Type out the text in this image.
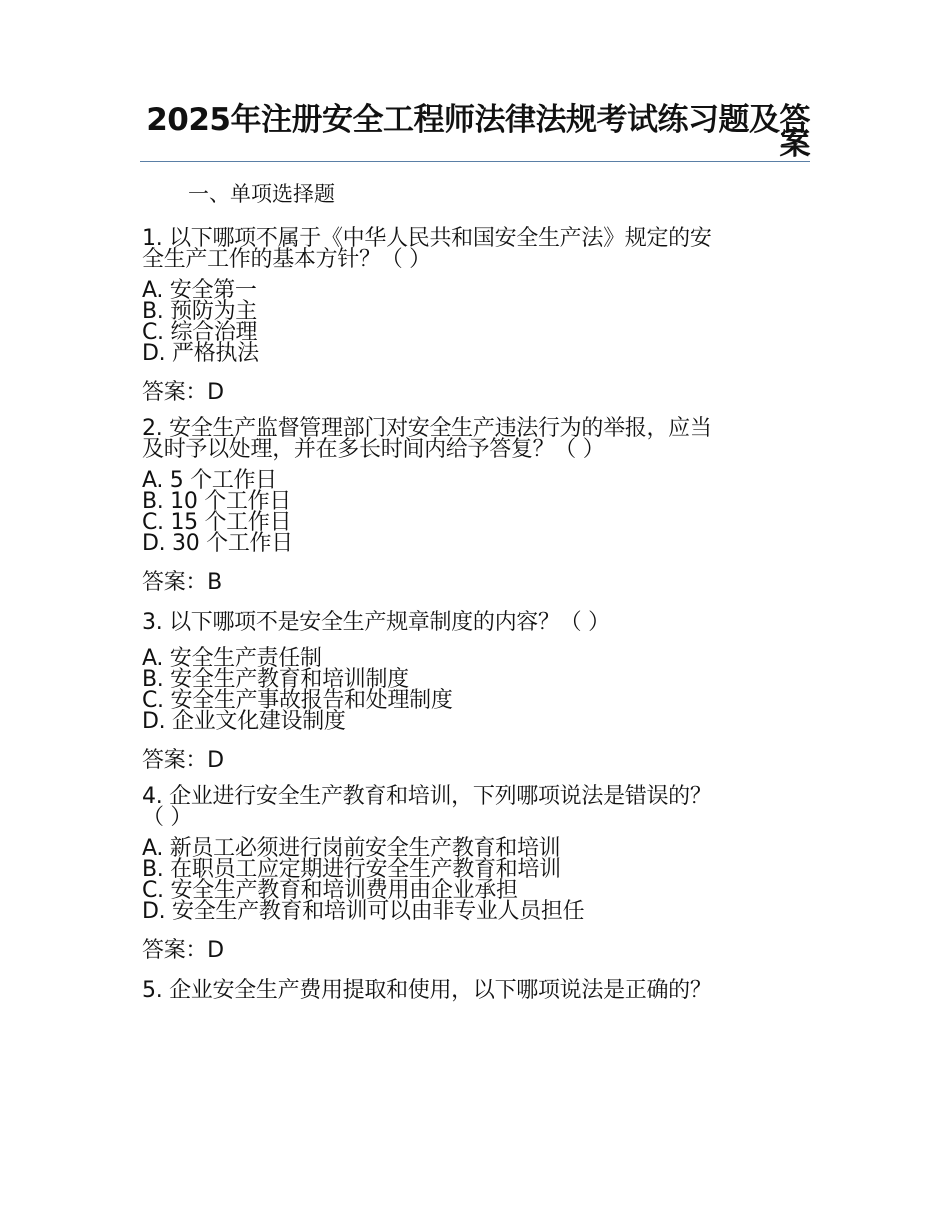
2025年注册安全工程师法律法规考试练习题及答案
一、单项选择题

1. 以下哪项不属于《中华人民共和国安全生产法》规定的安
全生产工作的基本方针？（ ）

A. 安全第一
B. 预防为主
C. 综合治理
D. 严格执法

答案：D

2. 安全生产监督管理部门对安全生产违法行为的举报，应当
及时予以处理，并在多长时间内给予答复？（ ）

A. 5 个工作日
B. 10 个工作日
C. 15 个工作日
D. 30 个工作日

答案：B

3. 以下哪项不是安全生产规章制度的内容？（ ）

A. 安全生产责任制
B. 安全生产教育和培训制度
C. 安全生产事故报告和处理制度
D. 企业文化建设制度

答案：D

4. 企业进行安全生产教育和培训，下列哪项说法是错误的？
（ ）

A. 新员工必须进行岗前安全生产教育和培训
B. 在职员工应定期进行安全生产教育和培训
C. 安全生产教育和培训费用由企业承担
D. 安全生产教育和培训可以由非专业人员担任

答案：D

5. 企业安全生产费用提取和使用，以下哪项说法是正确的？
